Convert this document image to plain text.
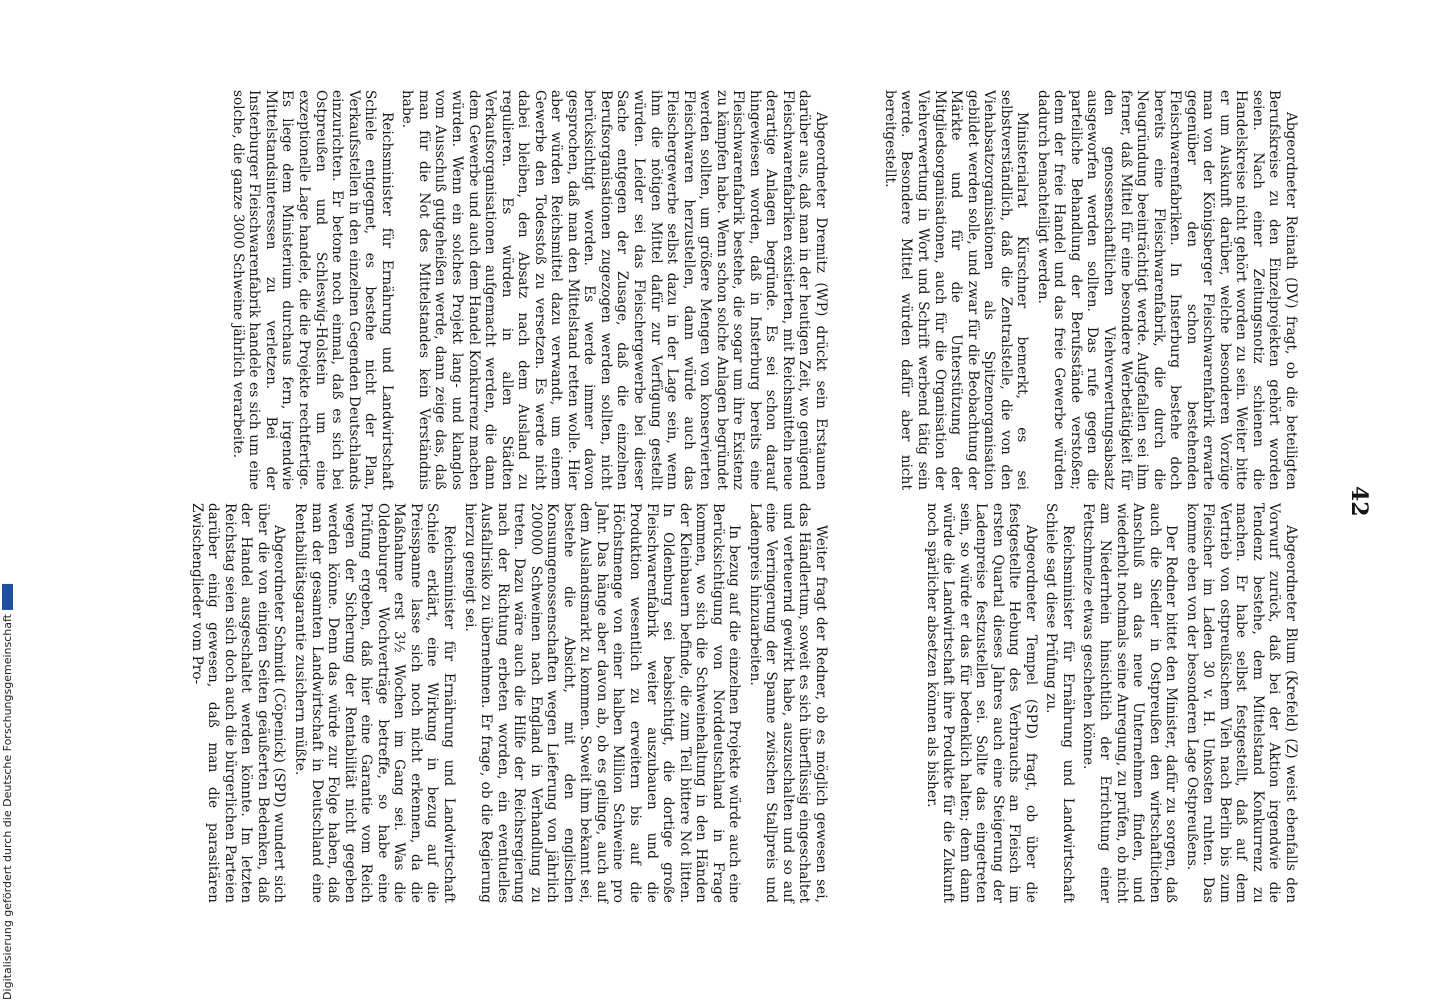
42

Abgeordneter Reinath (DV) fragt, ob die beteiligten Berufskreise zu den Einzelprojekten gehört worden seien. Nach einer Zeitungsnotiz schienen die Handelskreise nicht gehört worden zu sein. Weiter bitte er um Auskunft darüber, welche besonderen Vorzüge man von der Königsberger Fleischwarenfabrik erwarte gegenüber den schon bestehenden Fleischwarenfabriken. In Insterburg bestehe doch bereits eine Fleischwarenfabrik, die durch die Neugründung beeinträchtigt werde. Aufgefallen sei ihm ferner, daß Mittel für eine besondere Werbetätigkeit für den genossenschaftlichen Viehverwertungsabsatz ausgeworfen werden sollten. Das rufe gegen die parteiliche Behandlung der Berufsstände verstoßen; denn der freie Handel und das freie Gewerbe würden dadurch benachteiligt werden.

Ministerialrat Kürschner bemerkt, es sei selbstverständlich, daß die Zentralstelle, die von den Viehabsatzorganisationen als Spitzenorganisation gebildet werden solle, und zwar für die Beobachtung der Märkte und für die Unterstützung der Mitgliedsorganisationen, auch für die Organisation der Viehverwertung in Wort und Schrift werbend tätig sein werde. Besondere Mittel würden dafür aber nicht bereitgestellt.

Abgeordneter Dremitz (WP) drückt sein Erstaunen darüber aus, daß man in der heutigen Zeit, wo genügend Fleischwarenfabriken existierten, mit Reichsmitteln neue derartige Anlagen begründe. Es sei schon darauf hingewiesen worden, daß in Insterburg bereits eine Fleischwarenfabrik bestehe, die sogar um ihre Existenz zu kämpfen habe. Wenn schon solche Anlagen begründet werden sollten, um größere Mengen von konservierten Fleischwaren herzustellen, dann würde auch das Fleischergewerbe selbst dazu in der Lage sein, wenn ihm die nötigen Mittel dafür zur Verfügung gestellt würden. Leider sei das Fleischergewerbe bei dieser Sache entgegen der Zusage, daß die einzelnen Berufsorganisationen zugezogen werden sollten, nicht berücksichtigt worden. Es werde immer davon gesprochen, daß man den Mittelstand retten wolle. Hier aber würden Reichsmittel dazu verwandt, um einem Gewerbe den Todesstoß zu versetzen. Es werde nicht dabei bleiben, den Absatz nach dem Ausland zu regulieren. Es würden in allen Städten Verkaufsorganisationen aufgemacht werden, die dann dem Gewerbe und auch dem Handel Konkurrenz machen würden. Wenn ein solches Projekt lang- und klanglos vom Ausschuß gutgeheißen werde, dann zeige das, daß man für die Not des Mittelstandes kein Verständnis habe.

Reichsminister für Ernährung und Landwirtschaft Schiele entgegnet, es bestehe nicht der Plan, Verkaufsstellen in den einzelnen Gegenden Deutschlands einzurichten. Er betone noch einmal, daß es sich bei Ostpreußen und Schleswig-Holstein um eine exzeptionelle Lage handele, die die Projekte rechtfertige. Es liege dem Ministerium durchaus fern, irgendwie Mittelstandsinteressen zu verletzen. Bei der Insterburger Fleischwarenfabrik handele es sich um eine solche, die ganze 3000 Schweine jährlich verarbeite.

Abgeordneter Blum (Krefeld) (Z) weist ebenfalls den Vorwurf zurück, daß bei der Aktion irgendwie die Tendenz bestehe, dem Mittelstand Konkurrenz zu machen. Er habe selbst festgestellt, daß auf dem Vertrieb von ostpreußischem Vieh nach Berlin bis zum Fleischer im Laden 30 v. H. Unkosten ruhten. Das komme eben von der besonderen Lage Ostpreußens.

Der Redner bittet den Minister, dafür zu sorgen, daß auch die Siedler in Ostpreußen den wirtschaftlichen Anschluß an das neue Unternehmen finden, und wiederholt nochmals seine Anregung, zu prüfen, ob nicht am Niederrhein hinsichtlich der Errichtung einer Fettschmelze etwas geschehen könne.

Reichsminister für Ernährung und Landwirtschaft Schiele sagt diese Prüfung zu.

Abgeordneter Tempel (SPD) fragt, ob über die festgestellte Hebung des Verbrauchs an Fleisch im ersten Quartal dieses Jahres auch eine Steigerung der Ladenpreise festzustellen sei. Sollte das eingetreten sein, so würde er das für bedenklich halten; denn dann würde die Landwirtschaft ihre Produkte für die Zukunft noch spärlicher absetzen können als bisher.

Weiter fragt der Redner, ob es möglich gewesen sei, das Händlertum, soweit es sich überflüssig eingeschaltet und verteuernd gewirkt habe, auszuschalten und so auf eine Verringerung der Spanne zwischen Stallpreis und Ladenpreis hinzuarbeiten.

In bezug auf die einzelnen Projekte würde auch eine Berücksichtigung von Norddeutschland in Frage kommen, wo sich die Schweinehaltung in den Händen der Kleinbauern befinde, die zum Teil bittere Not litten. In Oldenburg sei beabsichtigt, die dortige große Fleischwarenfabrik weiter auszubauen und die Produktion wesentlich zu erweitern bis auf die Höchstmenge von einer halben Million Schweine pro Jahr. Das hänge aber davon ab, ob es gelinge, auch auf dem Auslandsmarkt zu kommen. Soweit ihm bekannt sei, bestehe die Absicht, mit den englischen Konsumgenossenschaften wegen Lieferung von jährlich 200000 Schweinen nach England in Verhandlung zu treten. Dazu wäre auch die Hilfe der Reichsregierung nach der Richtung erbeten worden, ein eventuelles Ausfallrisiko zu übernehmen. Er frage, ob die Regierung hierzu geneigt sei.

Reichsminister für Ernährung und Landwirtschaft Schiele erklärt, eine Wirkung in bezug auf die Preisspanne lasse sich noch nicht erkennen, da die Maßnahme erst 3½ Wochen im Gang sei. Was die Oldenburger Wochverträge betreffe, so habe eine Prüfung ergeben, daß hier eine Garantie vom Reich wegen der Sicherung der Rentabilität nicht gegeben werden könne. Denn das würde zur Folge haben, daß man der gesamten Landwirtschaft in Deutschland eine Rentabilitätsgarantie zusichern müßte.

Abgeordneter Schmidt (Cöpenick) (SPD) wundert sich über die von einigen Seiten geäußerten Bedenken, daß der Handel ausgeschaltet werden könnte. Im letzten Reichstag seien sich doch auch die bürgerlichen Parteien darüber einig gewesen, daß man die parasitären Zwischenglieder vom Pro-

Digitalisierung gefördert durch die Deutsche Forschungsgemeinschaft
